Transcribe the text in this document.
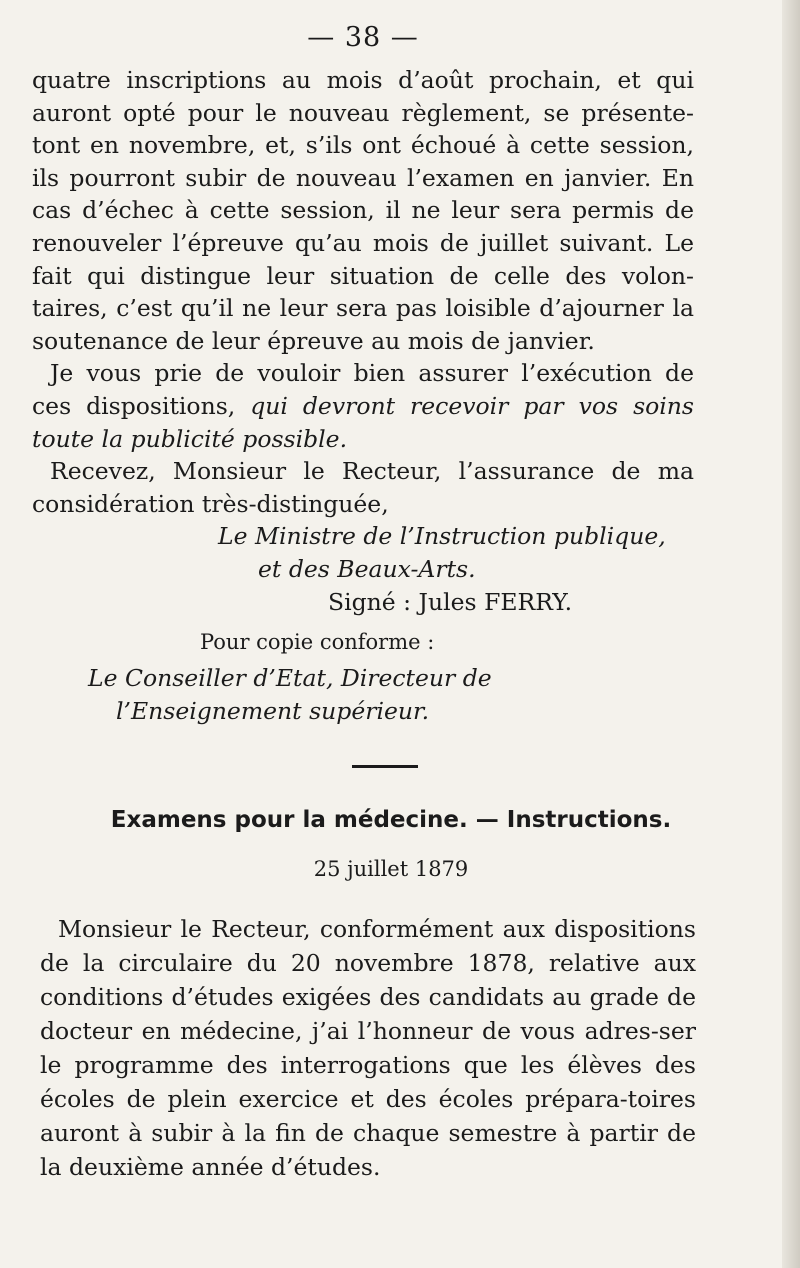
— 38 —

quatre inscriptions au mois d’août prochain, et qui auront opté pour le nouveau règlement, se présente-tont en novembre, et, s’ils ont échoué à cette session, ils pourront subir de nouveau l’examen en janvier. En cas d’échec à cette session, il ne leur sera permis de renouveler l’épreuve qu’au mois de juillet suivant. Le fait qui distingue leur situation de celle des volon-taires, c’est qu’il ne leur sera pas loisible d’ajourner la soutenance de leur épreuve au mois de janvier.

Je vous prie de vouloir bien assurer l’exécution de ces dispositions, qui devront recevoir par vos soins toute la publicité possible.

Recevez, Monsieur le Recteur, l’assurance de ma considération très-distinguée,

Le Ministre de l’Instruction publique,

et des Beaux-Arts.

Signé : Jules FERRY.

Pour copie conforme :

Le Conseiller d’Etat, Directeur de

l’Enseignement supérieur.

Examens pour la médecine. — Instructions.
25 juillet 1879

Monsieur le Recteur, conformément aux dispositions de la circulaire du 20 novembre 1878, relative aux conditions d’études exigées des candidats au grade de docteur en médecine, j’ai l’honneur de vous adres-ser le programme des interrogations que les élèves des écoles de plein exercice et des écoles prépara-toires auront à subir à la fin de chaque semestre à partir de la deuxième année d’études.
